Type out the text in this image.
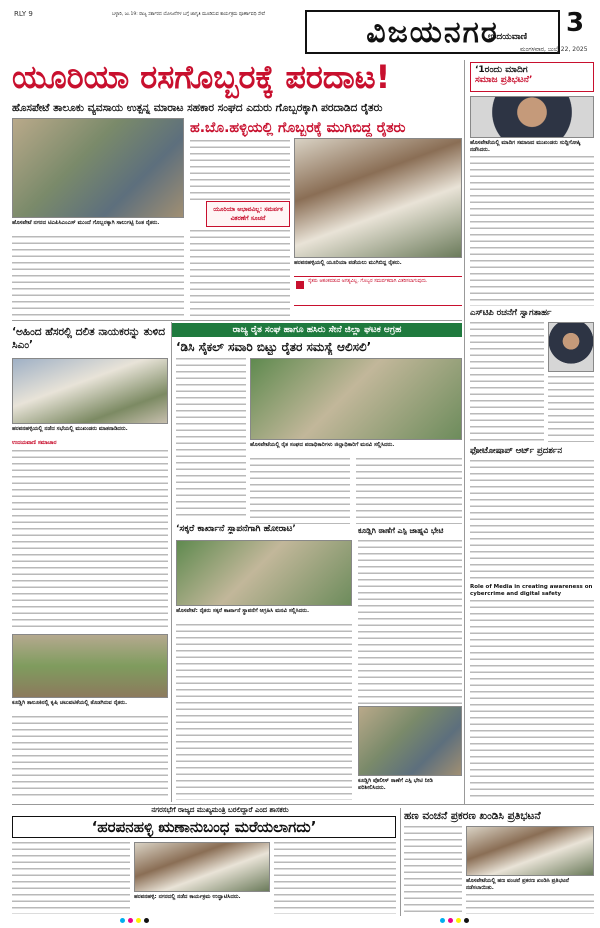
RLY 9	ಬಳ್ಳಾರಿ, ಜು.19: ರಾಜ್ಯ ಸರ್ಕಾರದ ಯೋಜನೆಗಳ ಬಗ್ಗೆ ಜಾಗೃತಿ ಮೂಡಿಸುವ ಕಾರ್ಯಕ್ರಮ ಪೂರ್ಣಾವಧಿ ಸೇವೆ	ವಿಜಯನಗರ	3
ಉದಯವಾಣಿ
ಮಂಗಳವಾರ, ಜುಲೈ 22, 2025
ಯೂರಿಯಾ ರಸಗೊಬ್ಬರಕ್ಕೆ ಪರದಾಟ!
ಹೊಸಪೇಟೆ ತಾಲೂಕು ವ್ಯವಸಾಯ ಉತ್ಪನ್ನ ಮಾರಾಟ ಸಹಕಾರ ಸಂಘದ ಎದುರು ಗೊಬ್ಬರಕ್ಕಾಗಿ ಪರದಾಡಿದ ರೈತರು
ಹ.ಬೊ.ಹಳ್ಳಿಯಲ್ಲಿ ಗೊಬ್ಬರಕ್ಕೆ ಮುಗಿಬಿದ್ದ ರೈತರು
ಹೊಸಪೇಟೆ ನಗರದ ಟಿಎಪಿಸಿಎಂಎಸ್ ಮುಂದೆ ಗೊಬ್ಬರಕ್ಕಾಗಿ ಸಾಲುಗಟ್ಟಿ ನಿಂತ ರೈತರು.
ಯೂರಿಯಾ ಅಭಾವವಿಲ್ಲ: ಸಮರ್ಪಕ ವಿತರಣೆಗೆ ಸೂಚನೆ
ಹರಪನಹಳ್ಳಿಯಲ್ಲಿ ಯೂರಿಯಾ ಪಡೆಯಲು ಮುಗಿಬಿದ್ದ ರೈತರು.
ರೈತರು ಆತಂಕಪಡುವ ಅಗತ್ಯವಿಲ್ಲ. ಗೊಬ್ಬರ ಸಮರ್ಪಕವಾಗಿ ವಿತರಿಸಲಾಗುವುದು.
‘ಅಹಿಂದ ಹೆಸರಲ್ಲಿ ದಲಿತ ನಾಯಕರನ್ನು ತುಳಿದ ಸಿಎಂ’
ಹರಪನಹಳ್ಳಿಯಲ್ಲಿ ನಡೆದ ಸಭೆಯಲ್ಲಿ ಮುಖಂಡರು ಮಾತನಾಡಿದರು.
ಉದಯವಾಣಿ ಸಮಾಚಾರ
ಕೂಡ್ಲಿಗಿ ತಾಲೂಕಿನಲ್ಲಿ ಕೃಷಿ ಚಟುವಟಿಕೆಯಲ್ಲಿ ತೊಡಗಿರುವ ರೈತರು.
ರಾಜ್ಯ ರೈತ ಸಂಘ ಹಾಗೂ ಹಸಿರು ಸೇನೆ ಜಿಲ್ಲಾ ಘಟಕ ಆಗ್ರಹ
‘ಡಿಸಿ ಸೈಕಲ್ ಸವಾರಿ ಬಿಟ್ಟು ರೈತರ ಸಮಸ್ಯೆ ಆಲಿಸಲಿ’
ಹೊಸಪೇಟೆಯಲ್ಲಿ ರೈತ ಸಂಘದ ಪದಾಧಿಕಾರಿಗಳು ಜಿಲ್ಲಾಧಿಕಾರಿಗೆ ಮನವಿ ಸಲ್ಲಿಸಿದರು.
‘ಸಕ್ಕರೆ ಕಾರ್ಖಾನೆ ಸ್ಥಾಪನೆಗಾಗಿ ಹೋರಾಟ’
ಹೊಸಪೇಟೆ: ರೈತರು ಸಕ್ಕರೆ ಕಾರ್ಖಾನೆ ಸ್ಥಾಪನೆಗೆ ಆಗ್ರಹಿಸಿ ಮನವಿ ಸಲ್ಲಿಸಿದರು.
ಕೂಡ್ಲಿಗಿ ಠಾಣೆಗೆ ಎಸ್ಪಿ ಜಾಹ್ನವಿ ಭೇಟಿ
ಕೂಡ್ಲಿಗಿ ಪೊಲೀಸ್ ಠಾಣೆಗೆ ಎಸ್ಪಿ ಭೇಟಿ ನೀಡಿ ಪರಿಶೀಲಿಸಿದರು.
‘1ರಂದು ಮಾದಿಗ
ಸಮಾಜ ಪ್ರತಿಭಟನೆ’
ಹೊಸಪೇಟೆಯಲ್ಲಿ ಮಾದಿಗ ಸಮಾಜದ ಮುಖಂಡರು ಸುದ್ದಿಗೋಷ್ಠಿ ನಡೆಸಿದರು.
ಎಸ್‌ಟಿಪಿ ರಚನೆಗೆ ಸ್ವಾಗತಾರ್ಹ
ಫೋಟೋಷಾಪ್ ಆರ್ಟ್ ಪ್ರದರ್ಶನ
Role of Media in creating awareness on cybercrime and digital safety
ನಗರಸಭೆಗೆ ರಾಜ್ಯದ ಮುಖ್ಯಮಂತ್ರಿ ಬರಲಿದ್ದಾರೆ ಎಂದ ಶಾಸಕರು
‘ಹರಪನಹಳ್ಳಿ ಋಣಾನುಬಂಧ ಮರೆಯಲಾಗದು’
ಹರಪನಹಳ್ಳಿ: ನಗರದಲ್ಲಿ ನಡೆದ ಕಾರ್ಯಕ್ರಮ ಉದ್ಘಾಟಿಸಿದರು.
ಹಣ ವಂಚನೆ ಪ್ರಕರಣ ಖಂಡಿಸಿ ಪ್ರತಿಭಟನೆ
ಹೊಸಪೇಟೆಯಲ್ಲಿ ಹಣ ವಂಚನೆ ಪ್ರಕರಣ ಖಂಡಿಸಿ ಪ್ರತಿಭಟನೆ ನಡೆಸಲಾಯಿತು.
